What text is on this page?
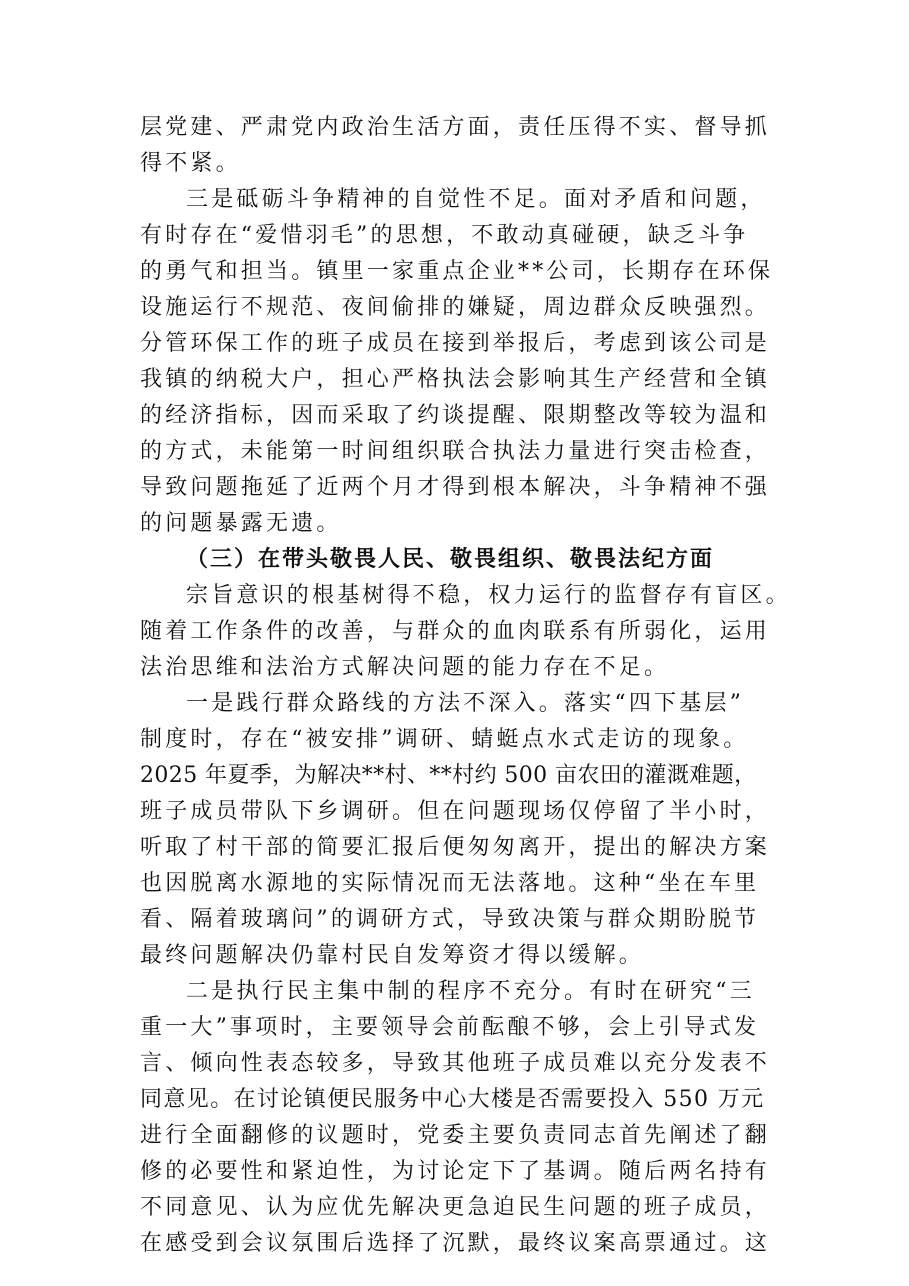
层党建、严肃党内政治生活方面，责任压得不实、督导抓
得不紧。
三是砥砺斗争精神的自觉性不足。面对矛盾和问题，
有时存在“爱惜羽毛”的思想，不敢动真碰硬，缺乏斗争
的勇气和担当。镇里一家重点企业**公司，长期存在环保
设施运行不规范、夜间偷排的嫌疑，周边群众反映强烈。
分管环保工作的班子成员在接到举报后，考虑到该公司是
我镇的纳税大户，担心严格执法会影响其生产经营和全镇
的经济指标，因而采取了约谈提醒、限期整改等较为温和
的方式，未能第一时间组织联合执法力量进行突击检查，
导致问题拖延了近两个月才得到根本解决，斗争精神不强
的问题暴露无遗。
（三）在带头敬畏人民、敬畏组织、敬畏法纪方面
宗旨意识的根基树得不稳，权力运行的监督存有盲区。
随着工作条件的改善，与群众的血肉联系有所弱化，运用
法治思维和法治方式解决问题的能力存在不足。
一是践行群众路线的方法不深入。落实“四下基层”
制度时，存在“被安排”调研、蜻蜓点水式走访的现象。
2025 年夏季，为解决**村、**村约 500 亩农田的灌溉难题，
班子成员带队下乡调研。但在问题现场仅停留了半小时，
听取了村干部的简要汇报后便匆匆离开，提出的解决方案
也因脱离水源地的实际情况而无法落地。这种“坐在车里
看、隔着玻璃问”的调研方式，导致决策与群众期盼脱节
最终问题解决仍靠村民自发筹资才得以缓解。
二是执行民主集中制的程序不充分。有时在研究“三
重一大”事项时，主要领导会前酝酿不够，会上引导式发
言、倾向性表态较多，导致其他班子成员难以充分发表不
同意见。在讨论镇便民服务中心大楼是否需要投入 550 万元
进行全面翻修的议题时，党委主要负责同志首先阐述了翻
修的必要性和紧迫性，为讨论定下了基调。随后两名持有
不同意见、认为应优先解决更急迫民生问题的班子成员，
在感受到会议氛围后选择了沉默，最终议案高票通过。这
